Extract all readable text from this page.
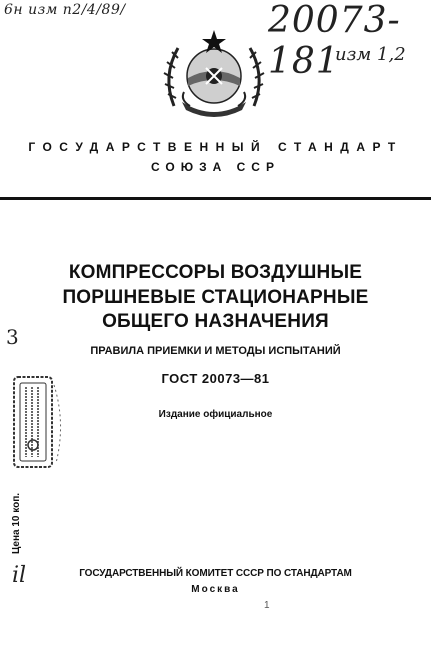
6н изм n2/4/89/	20073-181
изм 1,2
ГОСУДАРСТВЕННЫЙ СТАНДАРТ
СОЮЗА ССР
КОМПРЕССОРЫ ВОЗДУШНЫЕ
ПОРШНЕВЫЕ СТАЦИОНАРНЫЕ
ОБЩЕГО НАЗНАЧЕНИЯ
3
ПРАВИЛА ПРИЕМКИ И МЕТОДЫ ИСПЫТАНИЙ
ГОСТ 20073—81
Издание официальное
Цена 10 коп.
il	ГОСУДАРСТВЕННЫЙ КОМИТЕТ СССР ПО СТАНДАРТАМ
Москва
1
